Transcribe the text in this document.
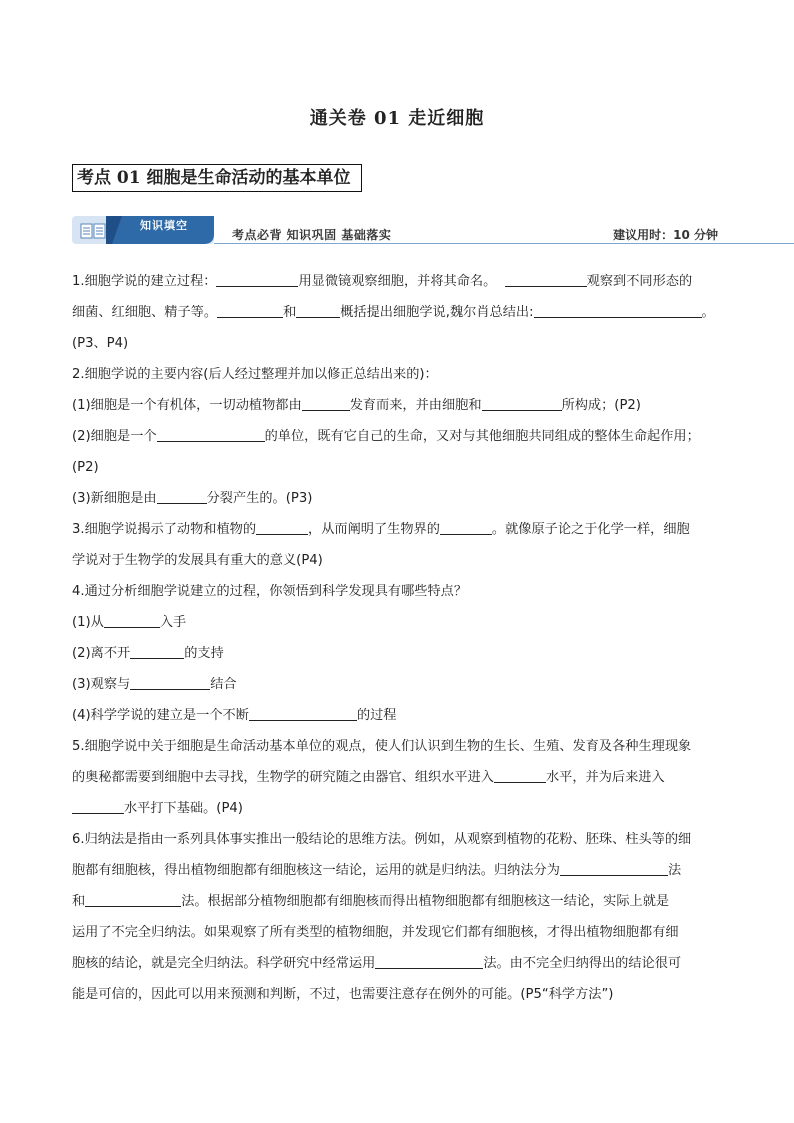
通关卷 01 走近细胞
考点 01 细胞是生命活动的基本单位
知识填空
考点必背 知识巩固 基础落实	建议用时：10 分钟

1.细胞学说的建立过程：	用显微镜观察细胞，并将其命名。	观察到不同形态的

细菌、红细胞、精子等。	和	概括提出细胞学说,魏尔肖总结出:	。

(P3、P4)

2.细胞学说的主要内容(后人经过整理并加以修正总结出来的)：

(1)细胞是一个有机体，一切动植物都由	发育而来，并由细胞和	所构成；(P2)

(2)细胞是一个	的单位，既有它自己的生命，又对与其他细胞共同组成的整体生命起作用；

(P2)

(3)新细胞是由	分裂产生的。(P3)

3.细胞学说揭示了动物和植物的	，从而阐明了生物界的	。就像原子论之于化学一样，细胞

学说对于生物学的发展具有重大的意义(P4)

4.通过分析细胞学说建立的过程，你领悟到科学发现具有哪些特点？

(1)从	入手

(2)离不开	的支持

(3)观察与	结合

(4)科学学说的建立是一个不断	的过程

5.细胞学说中关于细胞是生命活动基本单位的观点，使人们认识到生物的生长、生殖、发育及各种生理现象

的奥秘都需要到细胞中去寻找，生物学的研究随之由器官、组织水平进入	水平，并为后来进入

水平打下基础。(P4)

6.归纳法是指由一系列具体事实推出一般结论的思维方法。例如，从观察到植物的花粉、胚珠、柱头等的细

胞都有细胞核，得出植物细胞都有细胞核这一结论，运用的就是归纳法。归纳法分为	法

和	法。根据部分植物细胞都有细胞核而得出植物细胞都有细胞核这一结论，实际上就是

运用了不完全归纳法。如果观察了所有类型的植物细胞，并发现它们都有细胞核，才得出植物细胞都有细

胞核的结论，就是完全归纳法。科学研究中经常运用	法。由不完全归纳得出的结论很可

能是可信的，因此可以用来预测和判断，不过，也需要注意存在例外的可能。(P5“科学方法”)
